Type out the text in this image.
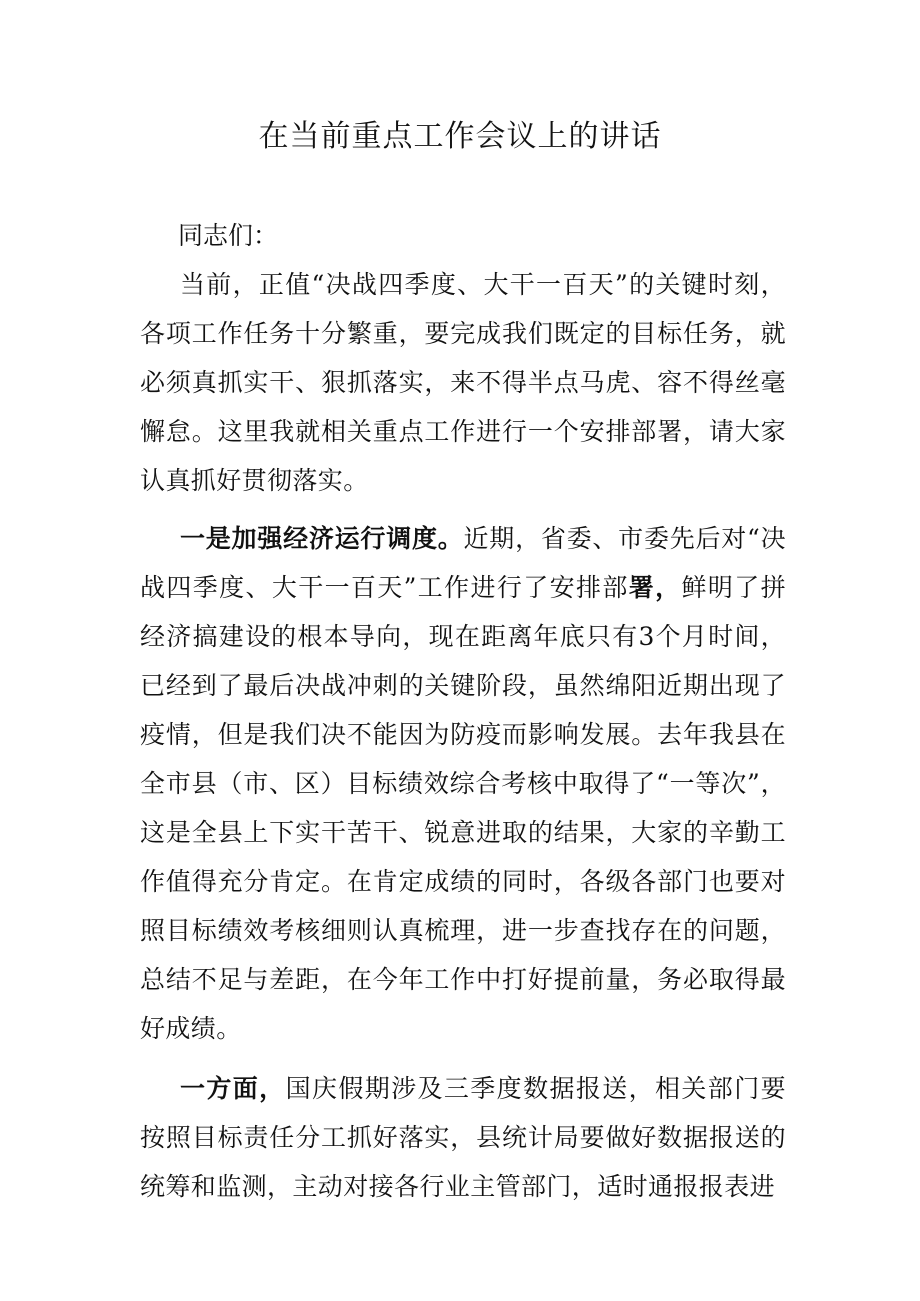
在当前重点工作会议上的讲话

同志们：

当前，正值“决战四季度、大干一百天”的关键时刻，各项工作任务十分繁重，要完成我们既定的目标任务，就必须真抓实干、狠抓落实，来不得半点马虎、容不得丝毫懈怠。这里我就相关重点工作进行一个安排部署，请大家认真抓好贯彻落实。

一是加强经济运行调度。近期，省委、市委先后对“决战四季度、大干一百天”工作进行了安排部署，鲜明了拼经济搞建设的根本导向，现在距离年底只有3个月时间，已经到了最后决战冲刺的关键阶段，虽然绵阳近期出现了疫情，但是我们决不能因为防疫而影响发展。去年我县在全市县（市、区）目标绩效综合考核中取得了“一等次”，这是全县上下实干苦干、锐意进取的结果，大家的辛勤工作值得充分肯定。在肯定成绩的同时，各级各部门也要对照目标绩效考核细则认真梳理，进一步查找存在的问题，总结不足与差距，在今年工作中打好提前量，务必取得最好成绩。

一方面，国庆假期涉及三季度数据报送，相关部门要按照目标责任分工抓好落实，县统计局要做好数据报送的统筹和监测，主动对接各行业主管部门，适时通报报表进
